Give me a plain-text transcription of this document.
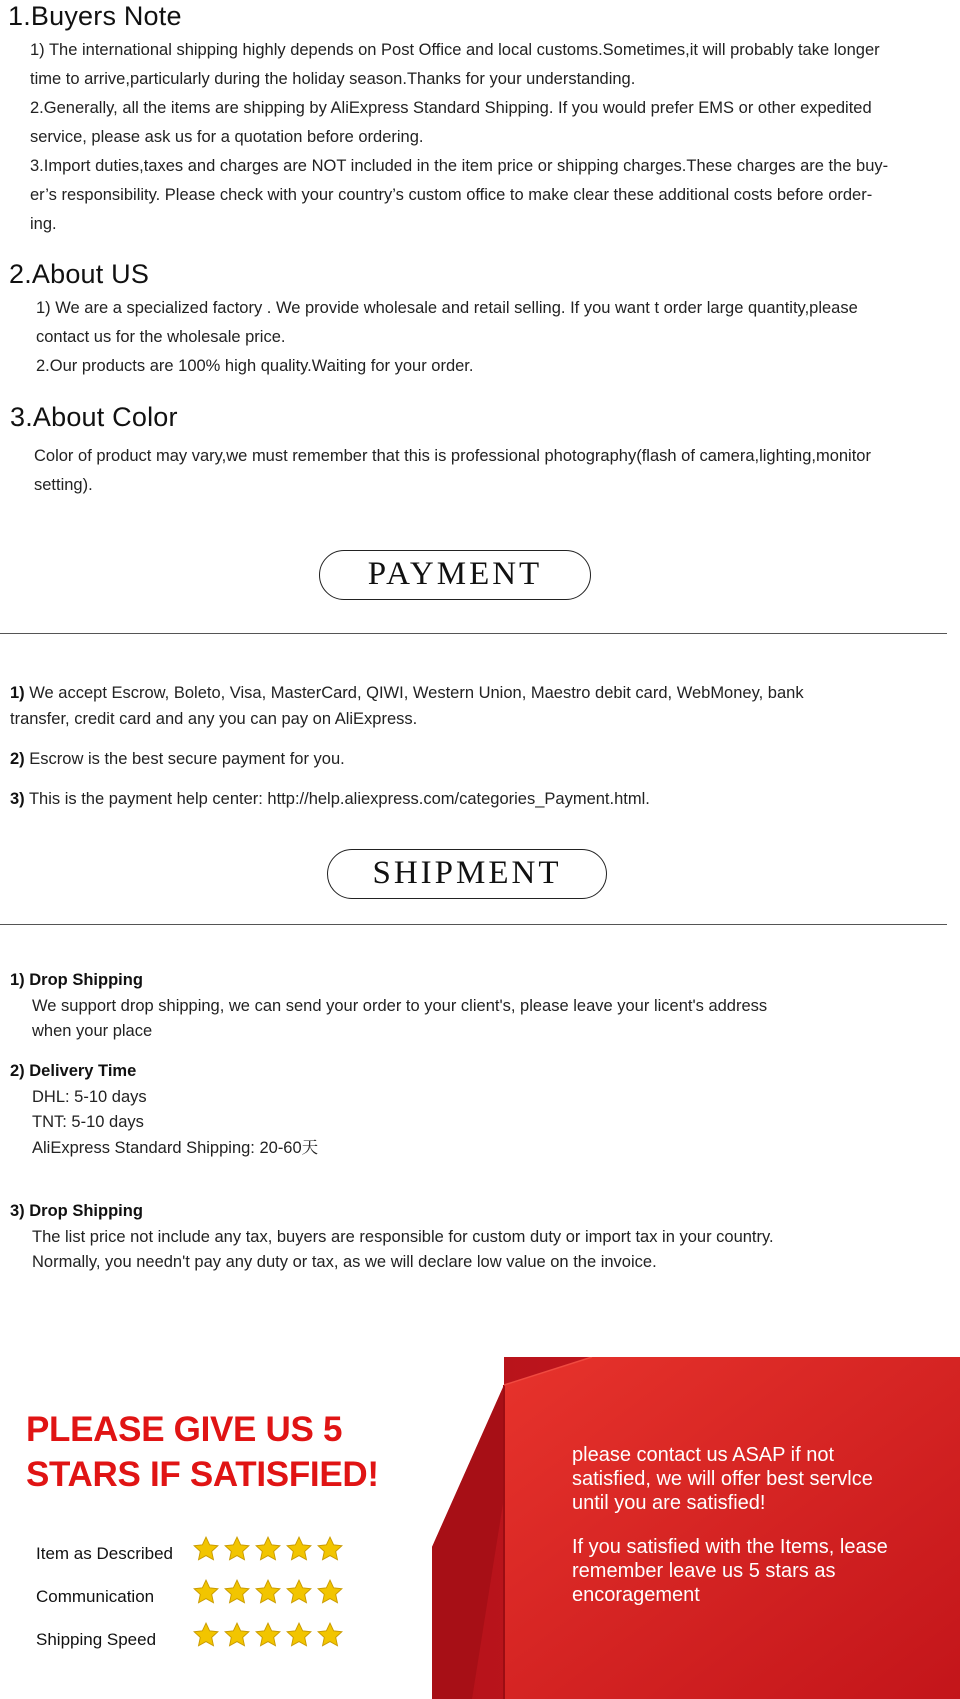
1.Buyers Note
1) The international shipping highly depends on Post Office and local customs.Sometimes,it will probably take longer
time to arrive,particularly during the holiday season.Thanks for your understanding.
2.Generally, all the items are shipping by AliExpress Standard Shipping. If you would prefer EMS or other expedited
service, please ask us for a quotation before ordering.
3.Import duties,taxes and charges are NOT included in the item price or shipping charges.These charges are the buy-
er’s responsibility. Please check with your country’s custom office to make clear these additional costs before order-
ing.
2.About US
1) We are a specialized factory . We provide wholesale and retail selling. If you want t order large quantity,please
contact us for the wholesale price.
2.Our products are 100% high quality.Waiting for your order.
3.About Color
Color of product may vary,we must remember that this is professional photography(flash of camera,lighting,monitor
setting).
PAYMENT
1) We accept Escrow, Boleto, Visa, MasterCard, QIWI, Western Union, Maestro debit card, WebMoney, bank
transfer, credit card and any you can pay on AliExpress.
2) Escrow is the best secure payment for you.
3) This is the payment help center: http://help.aliexpress.com/categories_Payment.html.
SHIPMENT
1) Drop Shipping
We support drop shipping, we can send your order to your client's, please leave your licent's address
when your place
2) Delivery Time
DHL: 5-10 days
TNT: 5-10 days
AliExpress Standard Shipping: 20-60天
3) Drop Shipping
The list price not include any tax, buyers are responsible for custom duty or import tax in your country.
Normally, you needn't pay any duty or tax, as we will declare low value on the invoice.
PLEASE GIVE US 5
STARS IF SATISFIED!
Item as Described
Communication
Shipping Speed
please contact us ASAP if not
satisfied, we will offer best servlce
until you are satisfied!
If you satisfied with the Items, lease
remember leave us 5 stars as
encoragement
